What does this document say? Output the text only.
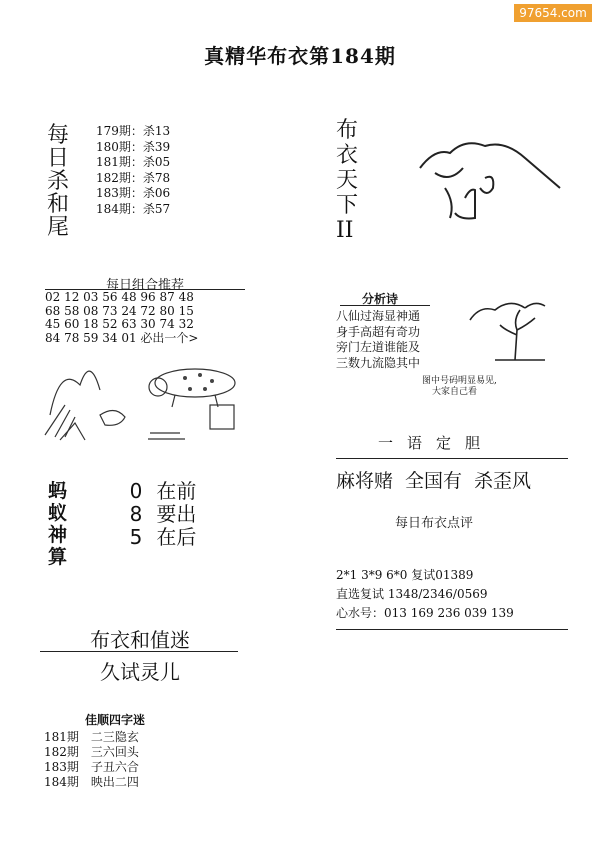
97654.com
真精华布衣第184期
每
日
杀
和
尾
179期：杀13
180期：杀39
181期：杀05
182期：杀78
183期：杀06
184期：杀57
每日组合推荐
02 12 03 56 48 96 87 48
68 58 08 73 24 72 80 15
45 60 18 52 63 30 74 32
84 78 59 34 01 必出一个>
蚂
蚁
神
算
0 在前
8 要出
5 在后
布衣和值迷
久试灵儿
佳顺四字迷
181期　二三隐玄
182期　三六回头
183期　子丑六合
184期　映出二四
布
衣
天
下
II
分析诗
八仙过海显神通
身手高超有奇功
旁门左道谁能及
三数九流隐其中
图中号码明显易见,
大家自己看
一语定胆
麻将赌 全国有 杀歪风
每日布衣点评
2*1 3*9 6*0 复试01389
直选复试 1348/2346/0569
心水号：013 169 236 039 139
